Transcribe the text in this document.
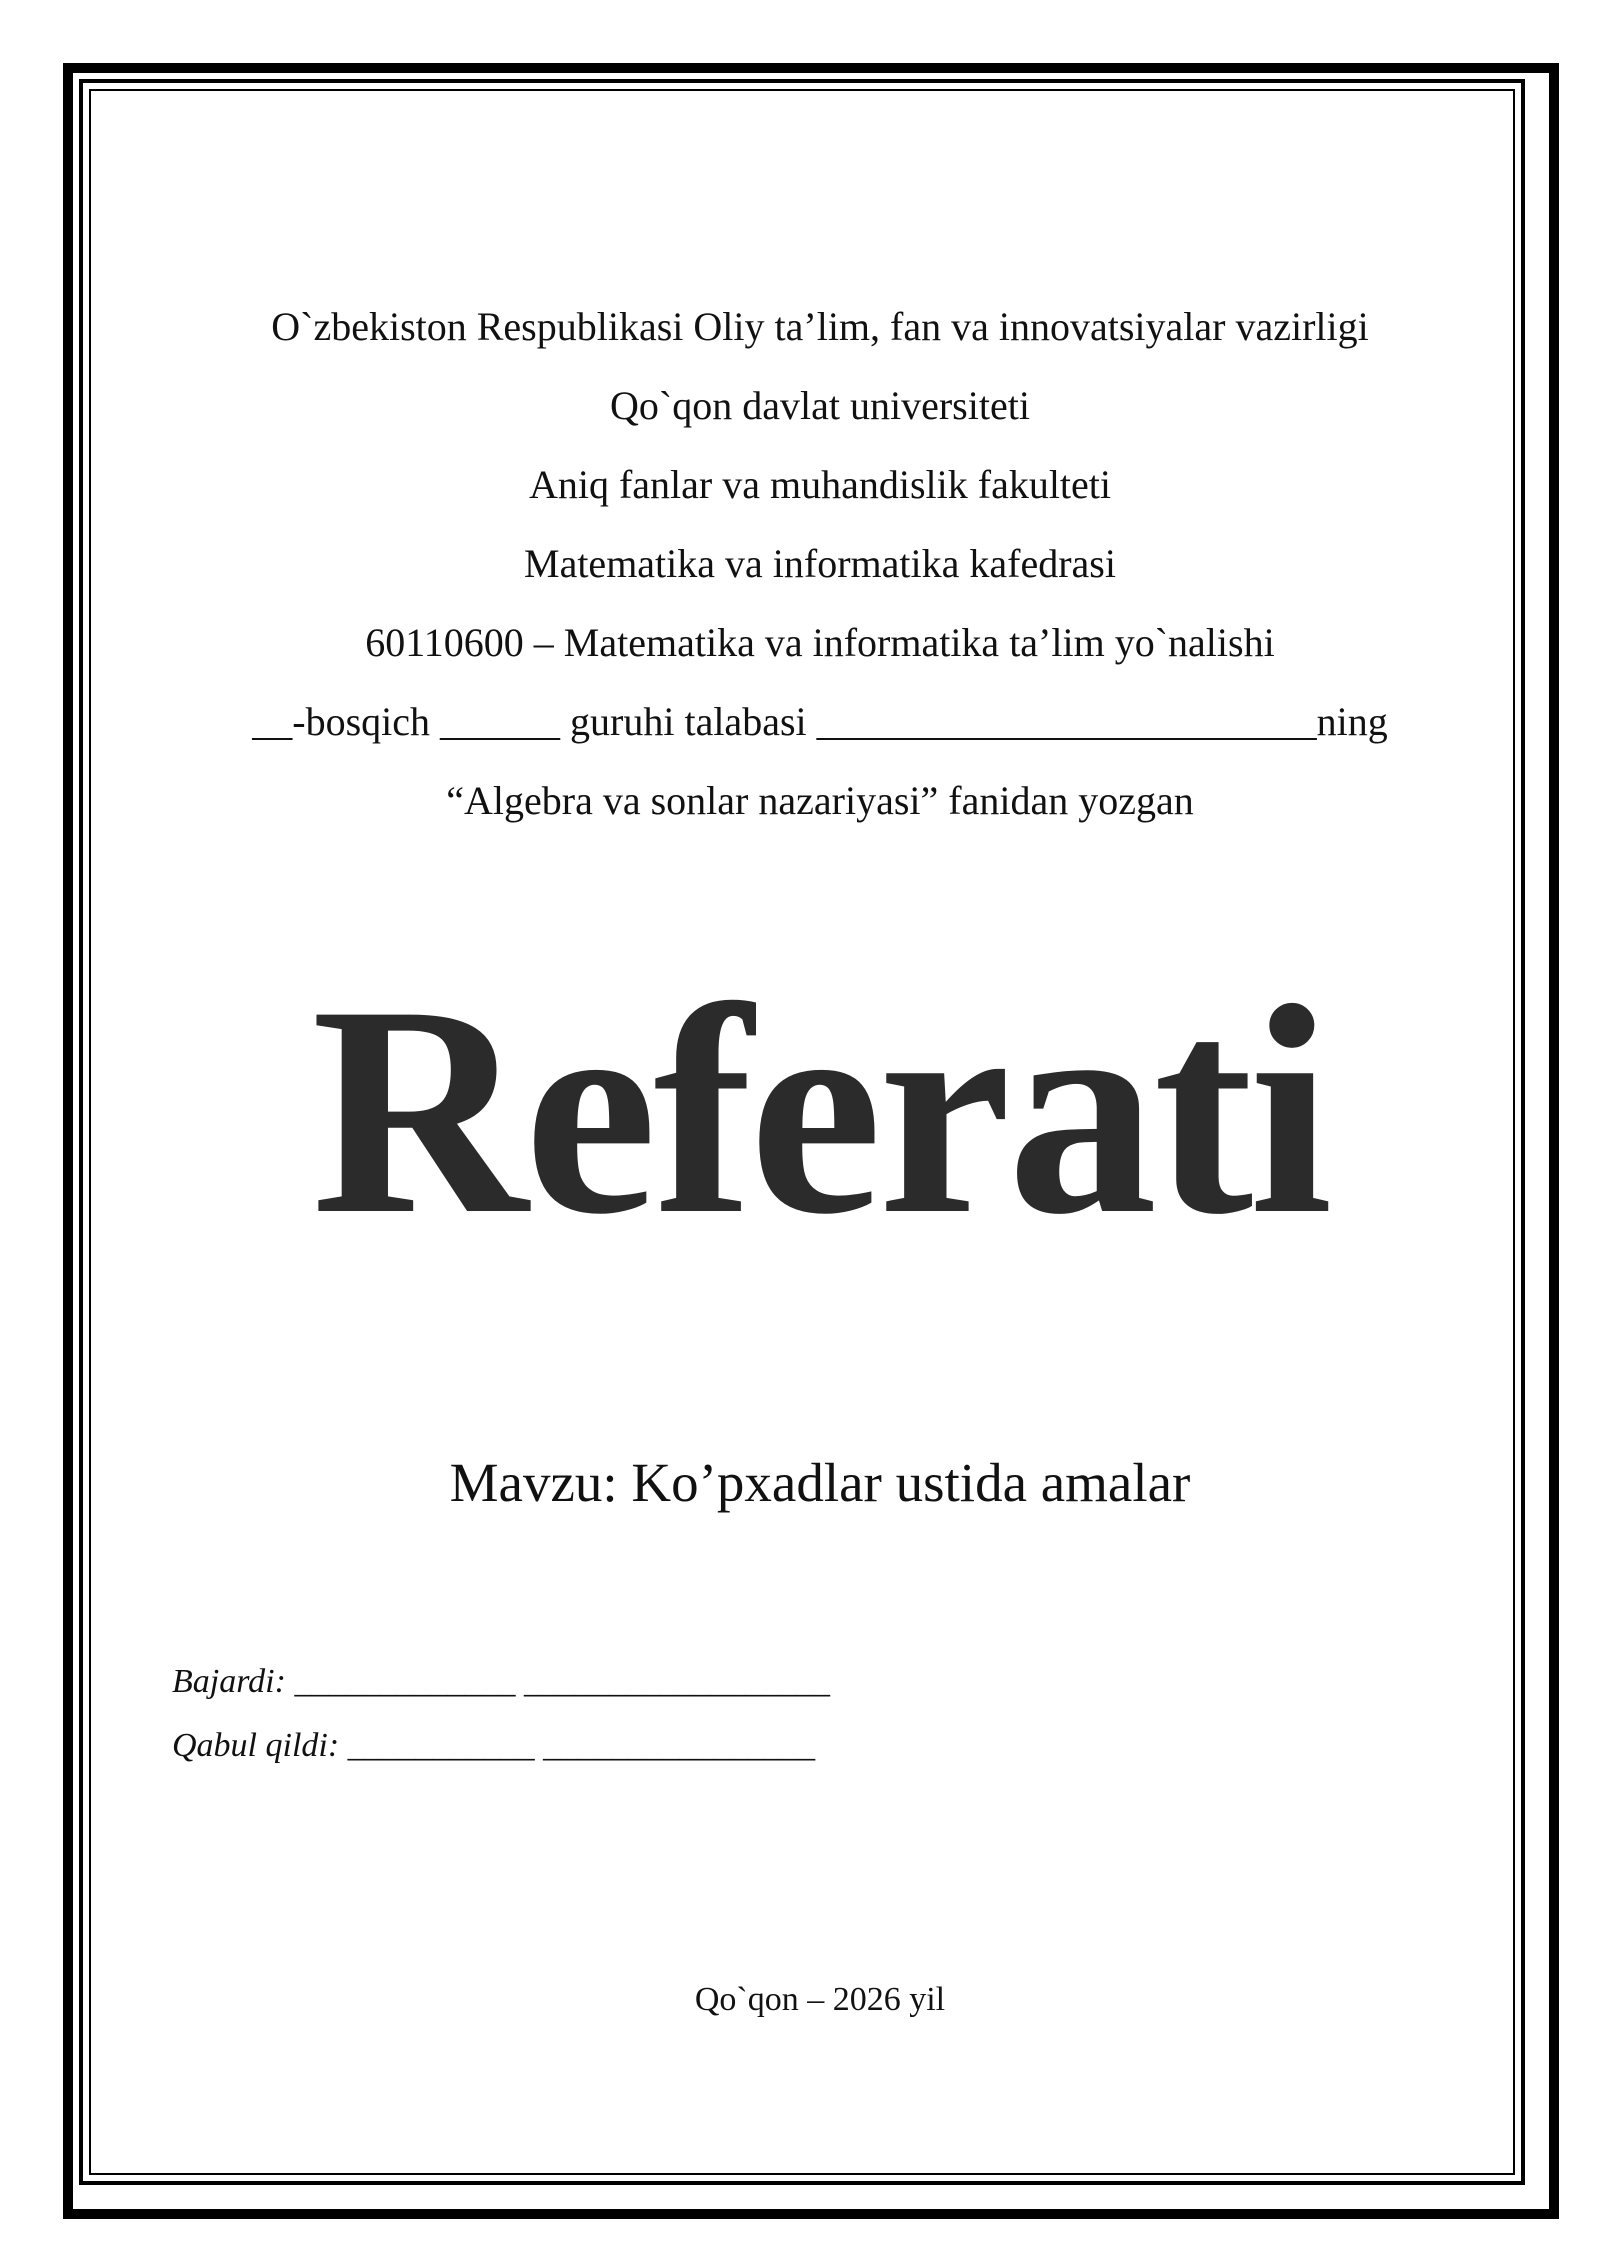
O`zbekiston Respublikasi Oliy ta’lim, fan va innovatsiyalar vazirligi
Qo`qon davlat universiteti
Aniq fanlar va muhandislik fakulteti
Matematika va informatika kafedrasi
60110600 – Matematika va informatika ta’lim yo`nalishi
__-bosqich ______ guruhi talabasi _________________________ning
“Algebra va sonlar nazariyasi” fanidan yozgan
Referati
Mavzu: Ko’pxadlar ustida amalar
Bajardi: _____________ __________________
Qabul qildi: ___________ ________________
Qo`qon – 2026 yil
